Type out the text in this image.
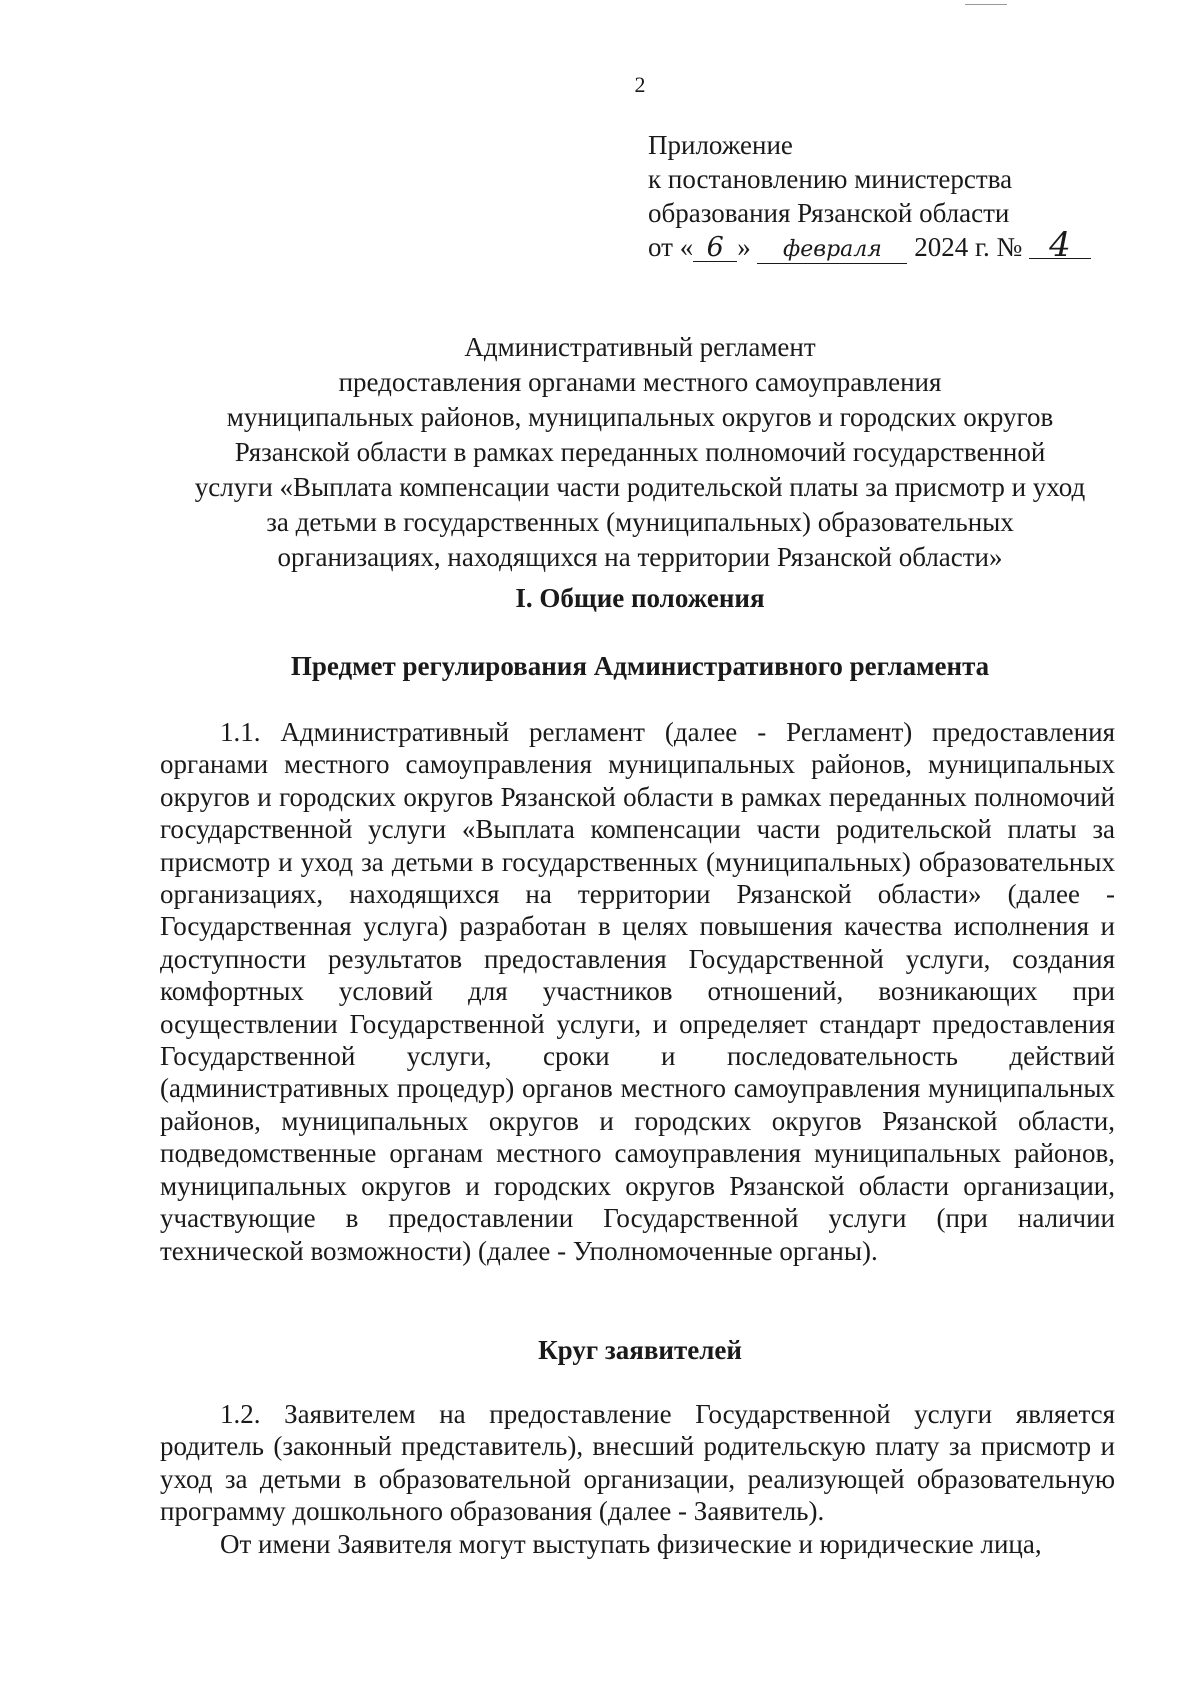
2
Приложение
к постановлению министерства
образования Рязанской области
от « 6 » февраля 2024 г. № 4
Административный регламент
предоставления органами местного самоуправления
муниципальных районов, муниципальных округов и городских округов
Рязанской области в рамках переданных полномочий государственной
услуги «Выплата компенсации части родительской платы за присмотр и уход
за детьми в государственных (муниципальных) образовательных
организациях, находящихся на территории Рязанской области»
I. Общие положения
Предмет регулирования Административного регламента

1.1. Административный регламент (далее - Регламент) предоставления органами местного самоуправления муниципальных районов, муниципальных округов и городских округов Рязанской области в рамках переданных полномочий государственной услуги «Выплата компенсации части родительской платы за присмотр и уход за детьми в государственных (муниципальных) образовательных организациях, находящихся на территории Рязанской области» (далее - Государственная услуга) разработан в целях повышения качества исполнения и доступности результатов предоставления Государственной услуги, создания комфортных условий для участников отношений, возникающих при осуществлении Государственной услуги, и определяет стандарт предоставления Государственной услуги, сроки и последовательность действий (административных процедур) органов местного самоуправления муниципальных районов, муниципальных округов и городских округов Рязанской области, подведомственные органам местного самоуправления муниципальных районов, муниципальных округов и городских округов Рязанской области организации, участвующие в предоставлении Государственной услуги (при наличии технической возможности) (далее - Уполномоченные органы).

Круг заявителей

1.2. Заявителем на предоставление Государственной услуги является родитель (законный представитель), внесший родительскую плату за присмотр и уход за детьми в образовательной организации, реализующей образовательную программу дошкольного образования (далее - Заявитель).

От имени Заявителя могут выступать физические и юридические лица,
